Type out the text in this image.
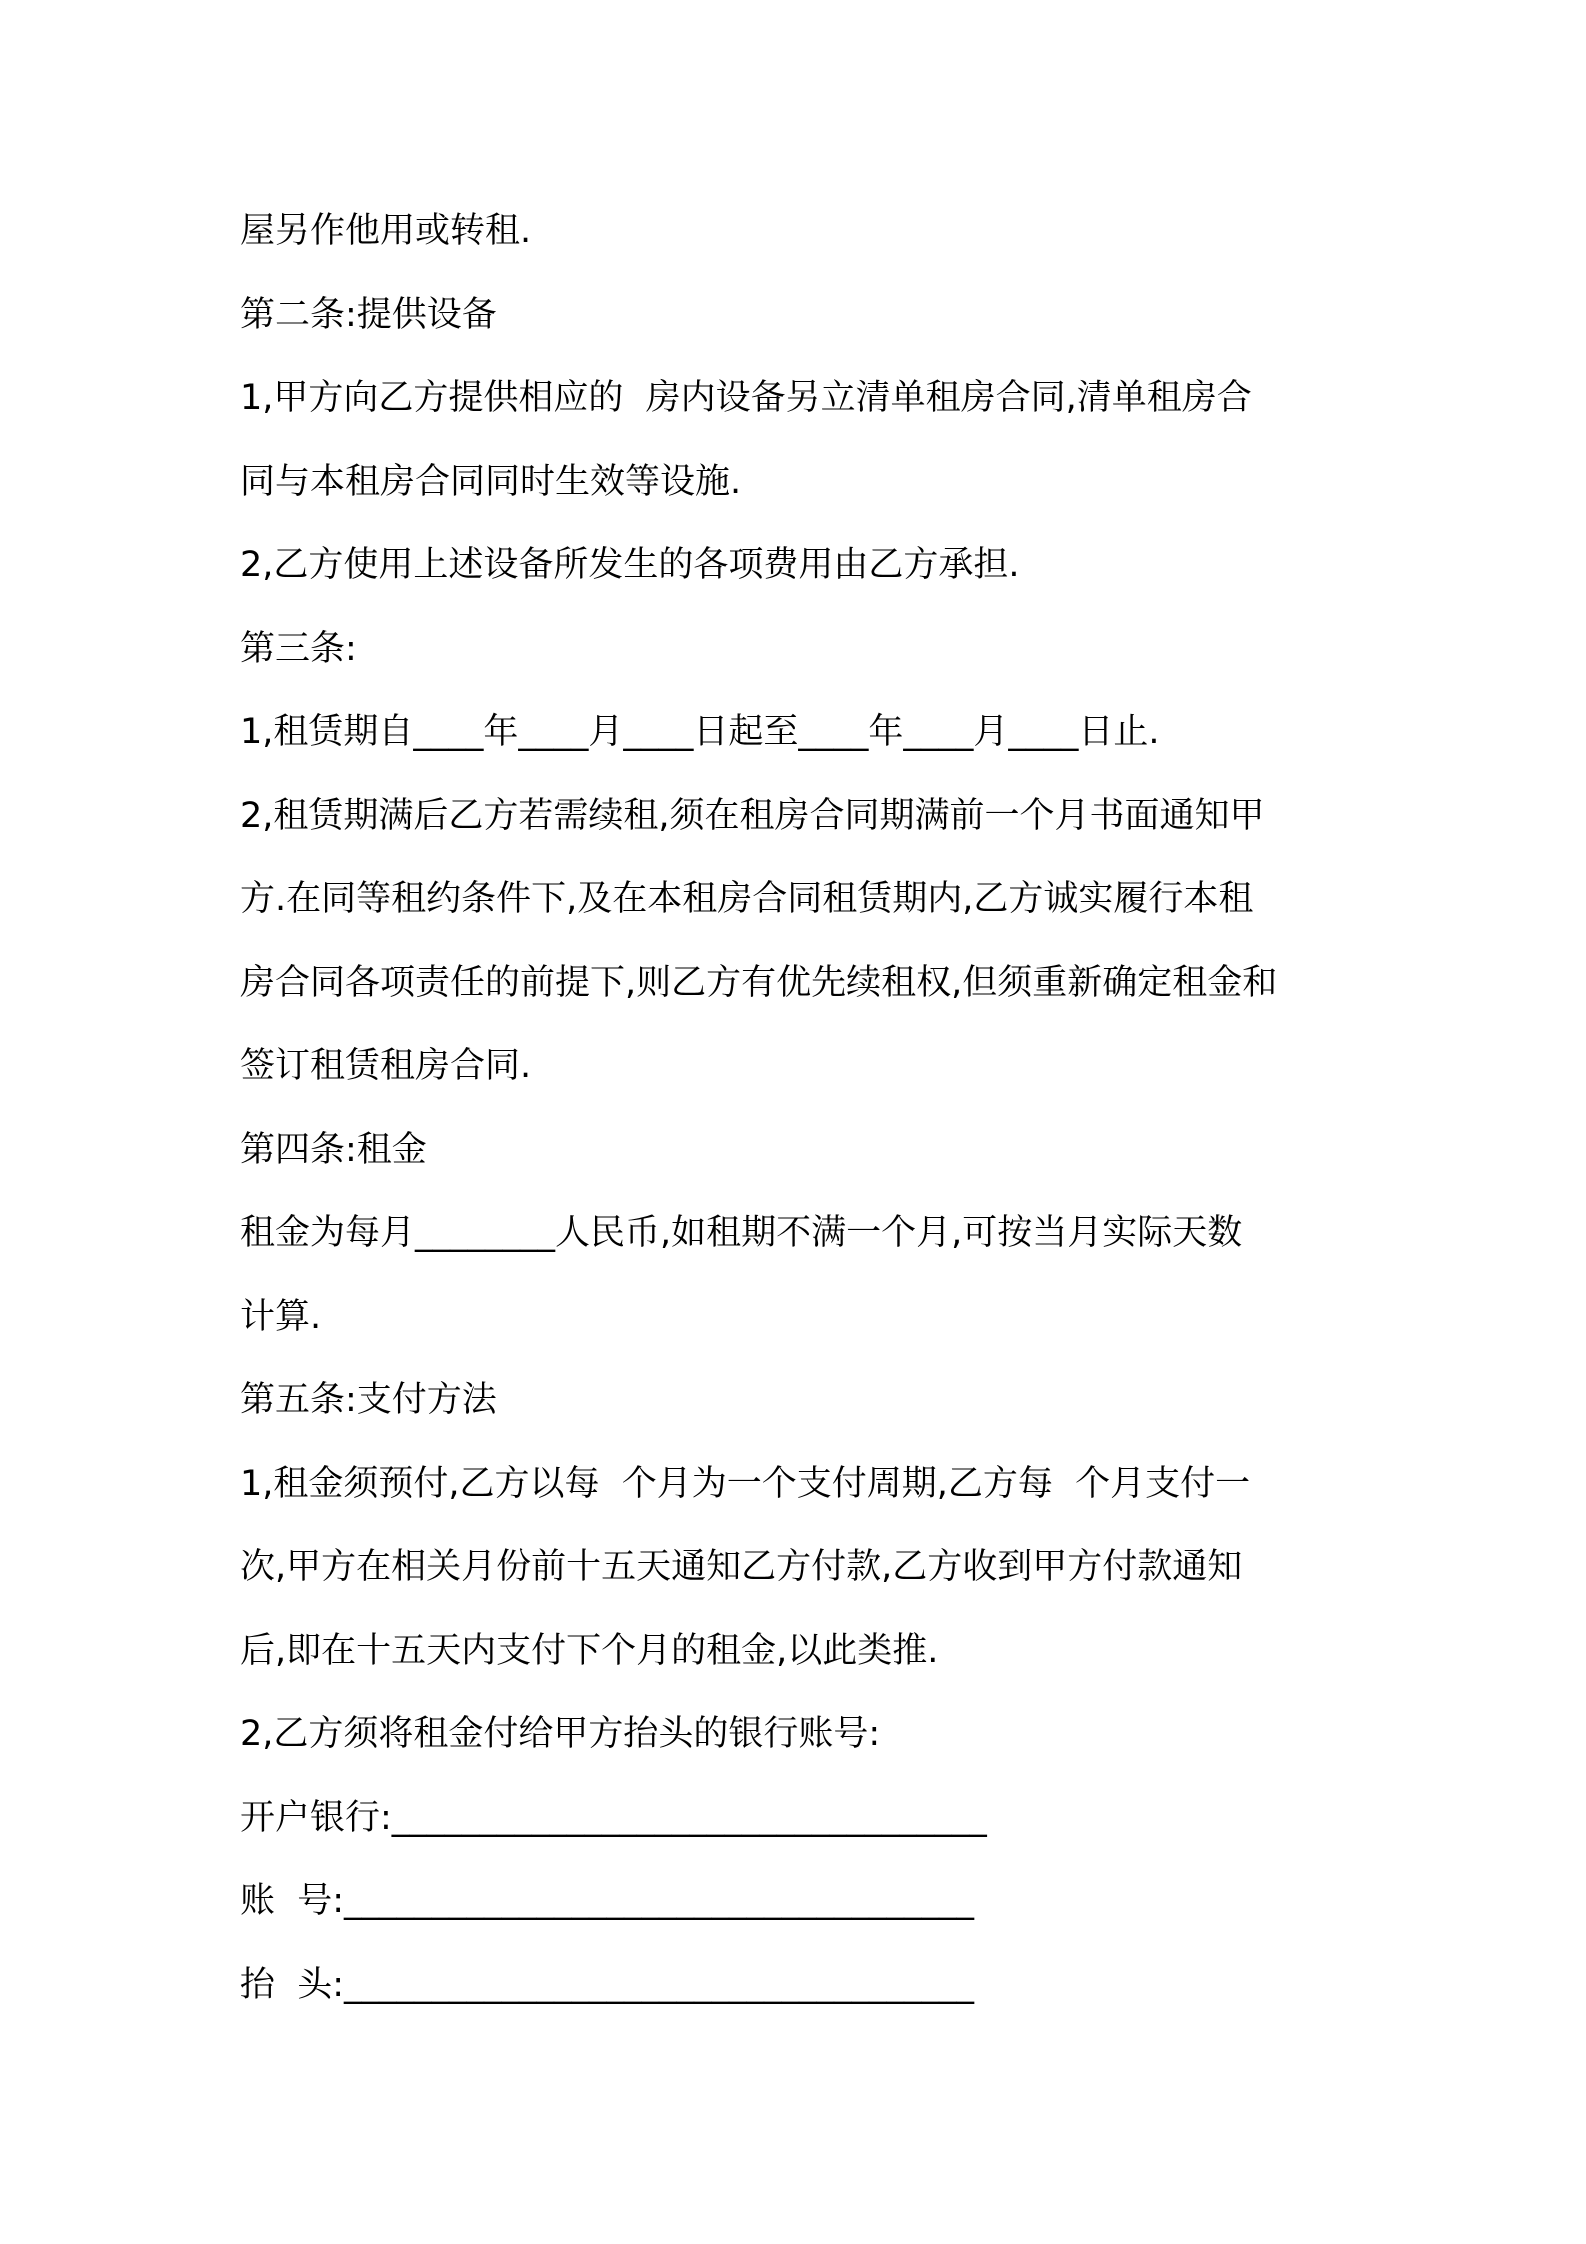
屋另作他用或转租.
第二条:提供设备
1,甲方向乙方提供相应的  房内设备另立清单租房合同,清单租房合
同与本租房合同同时生效等设施.
2,乙方使用上述设备所发生的各项费用由乙方承担.
第三条:
1,租赁期自____年____月____日起至____年____月____日止.
2,租赁期满后乙方若需续租,须在租房合同期满前一个月书面通知甲
方.在同等租约条件下,及在本租房合同租赁期内,乙方诚实履行本租
房合同各项责任的前提下,则乙方有优先续租权,但须重新确定租金和
签订租赁租房合同.
第四条:租金
租金为每月________人民币,如租期不满一个月,可按当月实际天数
计算.
第五条:支付方法
1,租金须预付,乙方以每  个月为一个支付周期,乙方每  个月支付一
次,甲方在相关月份前十五天通知乙方付款,乙方收到甲方付款通知
后,即在十五天内支付下个月的租金,以此类推.
2,乙方须将租金付给甲方抬头的银行账号:
开户银行:__________________________________
账  号:____________________________________
抬  头:____________________________________
